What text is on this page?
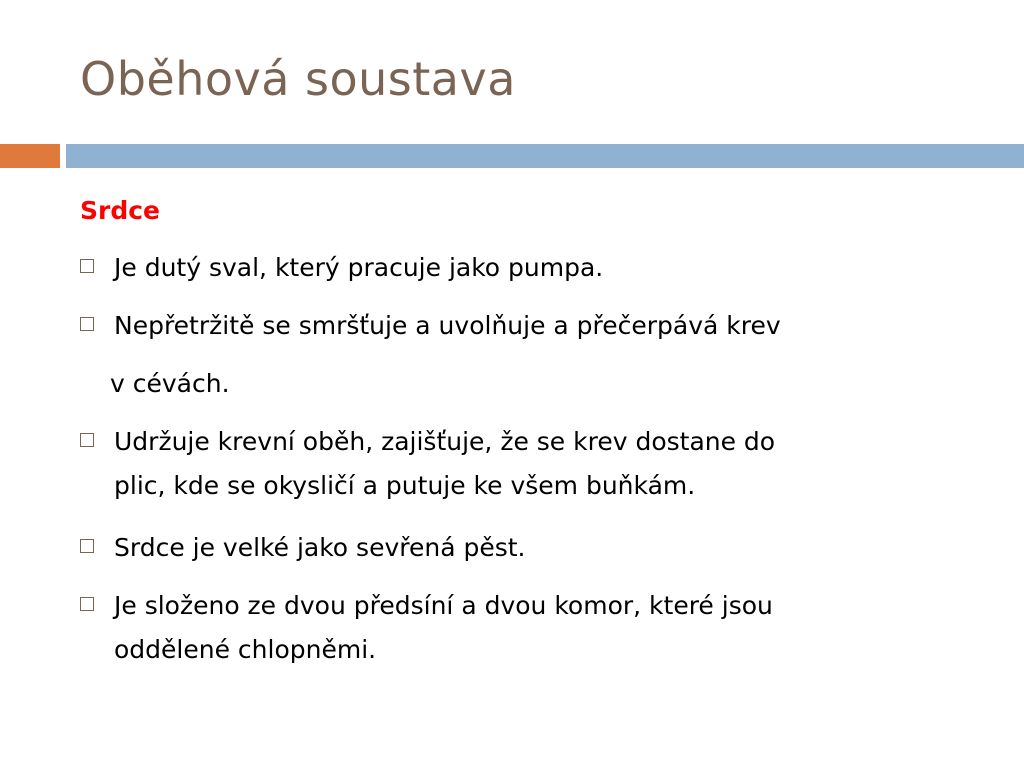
Oběhová soustava
Srdce
Je dutý sval, který pracuje jako pumpa.
Nepřetržitě se smršťuje a uvolňuje a přečerpává krev
v cévách.
Udržuje krevní oběh, zajišťuje, že se krev dostane do
plic, kde se okysličí a putuje ke všem buňkám.
Srdce je velké jako sevřená pěst.
Je složeno ze dvou předsíní a dvou komor, které jsou
oddělené chlopněmi.
